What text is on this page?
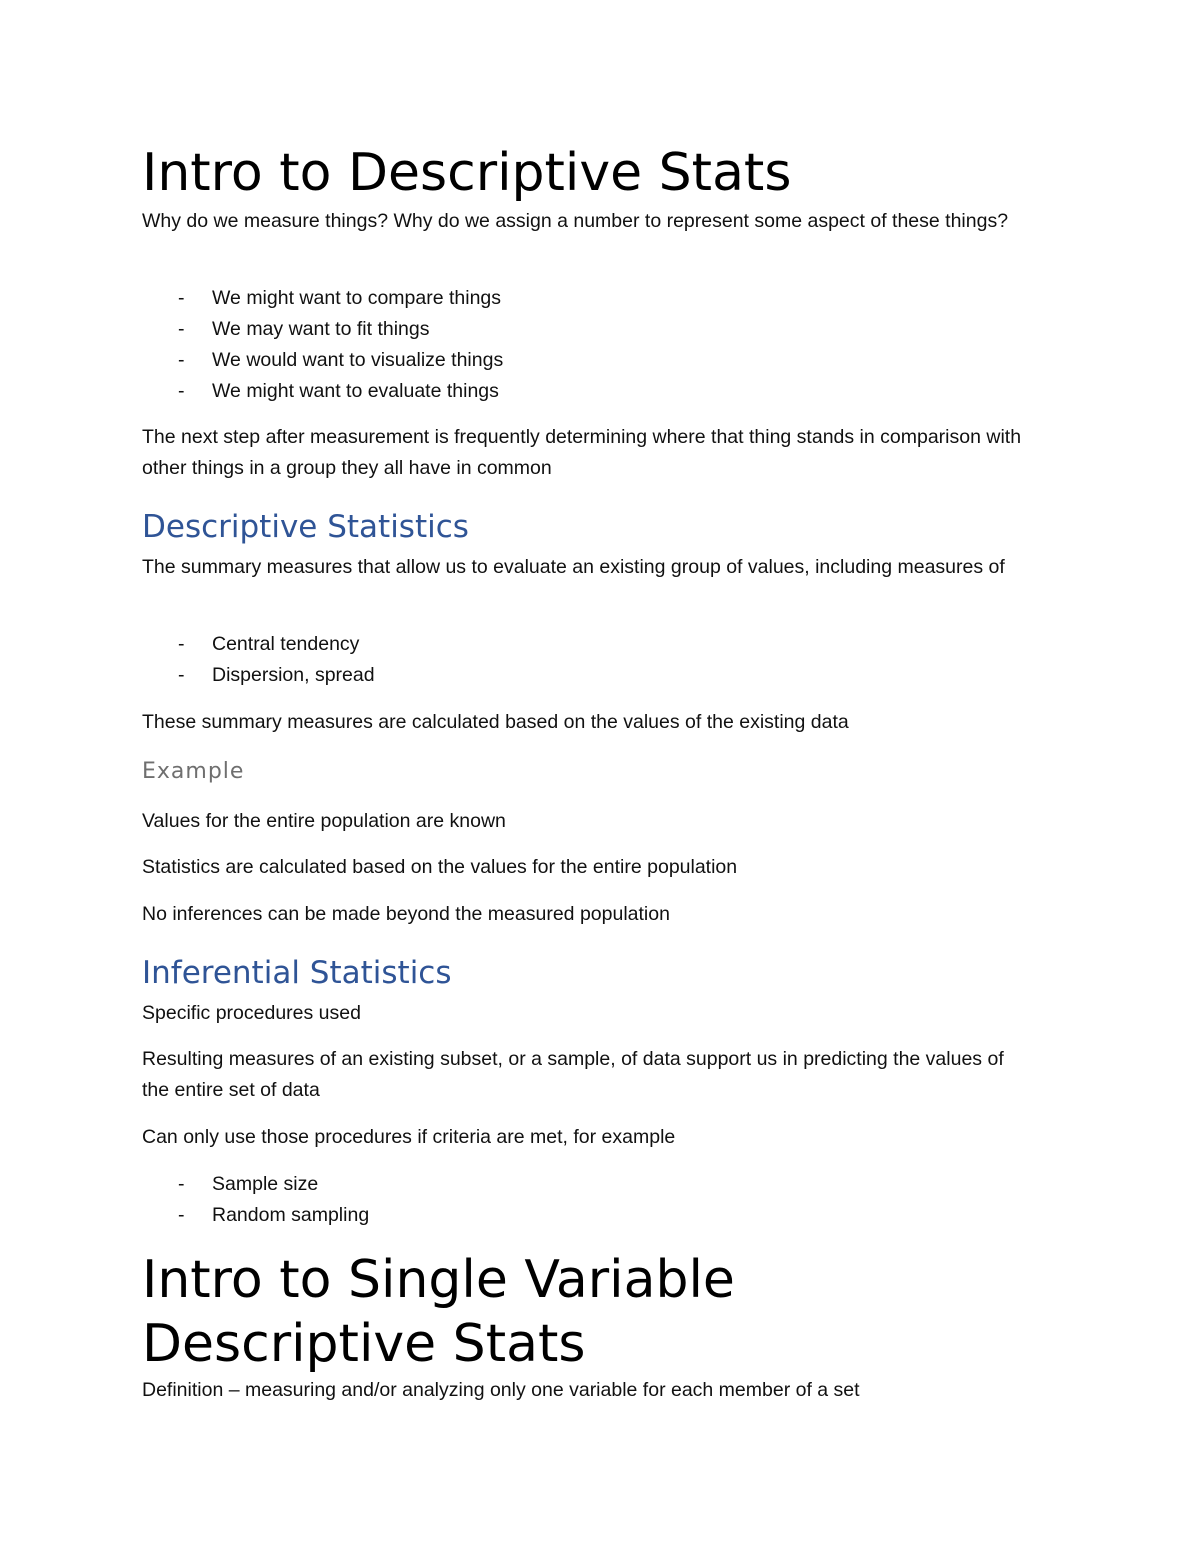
Intro to Descriptive Stats

Why do we measure things? Why do we assign a number to represent some aspect of these things?

- We might want to compare things
- We may want to fit things
- We would want to visualize things
- We might want to evaluate things

The next step after measurement is frequently determining where that thing stands in comparison with other things in a group they all have in common

Descriptive Statistics

The summary measures that allow us to evaluate an existing group of values, including measures of

- Central tendency
- Dispersion, spread

These summary measures are calculated based on the values of the existing data

Example

Values for the entire population are known

Statistics are calculated based on the values for the entire population

No inferences can be made beyond the measured population

Inferential Statistics

Specific procedures used

Resulting measures of an existing subset, or a sample, of data support us in predicting the values of the entire set of data

Can only use those procedures if criteria are met, for example

- Sample size
- Random sampling
Intro to Single Variable
Descriptive Stats

Definition – measuring and/or analyzing only one variable for each member of a set
